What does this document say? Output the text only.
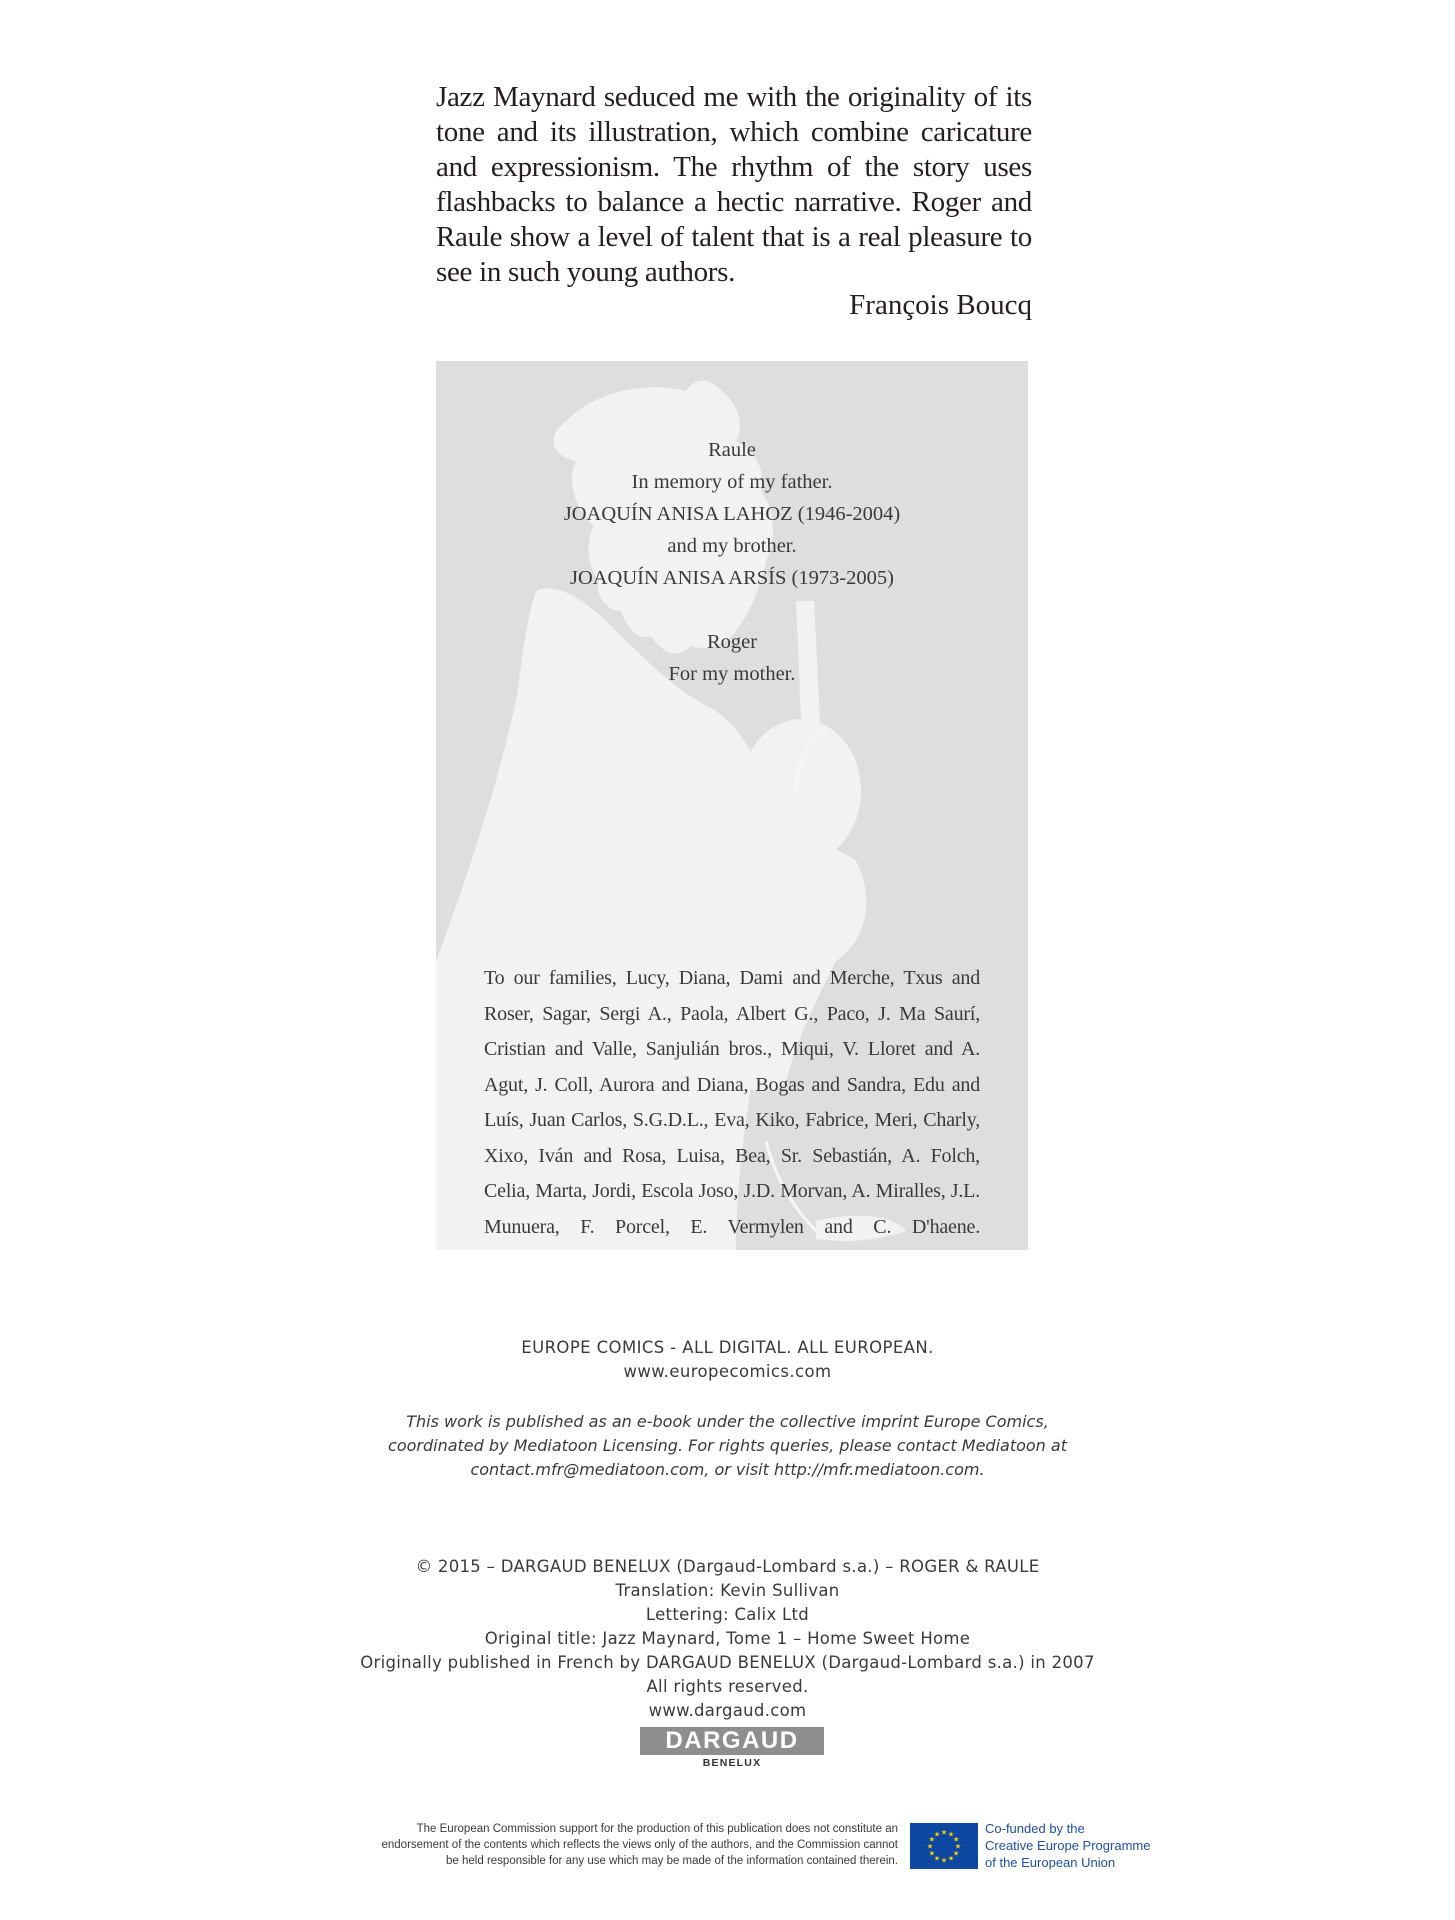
Jazz Maynard seduced me with the originality of its tone and its illustration, which combine caricature and expressionism. The rhythm of the story uses flashbacks to balance a hectic narrative. Roger and Raule show a level of talent that is a real pleasure to see in such young authors.
François Boucq
Raule
In memory of my father.
JOAQUÍN ANISA LAHOZ (1946-2004)
and my brother.
JOAQUÍN ANISA ARSÍS (1973-2005)
Roger
For my mother.
To our families, Lucy, Diana, Dami and Merche, Txus and Roser, Sagar, Sergi A., Paola, Albert G., Paco, J. Ma Saurí, Cristian and Valle, Sanjulián bros., Miqui, V. Lloret and A. Agut, J. Coll, Aurora and Diana, Bogas and Sandra, Edu and Luís, Juan Carlos, S.G.D.L., Eva, Kiko, Fabrice, Meri, Charly, Xixo, Iván and Rosa, Luisa, Bea, Sr. Sebastián, A. Folch, Celia, Marta, Jordi, Escola Joso, J.D. Morvan, A. Miralles, J.L. Munuera, F. Porcel, E. Vermylen and C. D'haene.
EUROPE COMICS - ALL DIGITAL. ALL EUROPEAN.
www.europecomics.com
This work is published as an e-book under the collective imprint Europe Comics,
coordinated by Mediatoon Licensing. For rights queries, please contact Mediatoon at
contact.mfr@mediatoon.com, or visit http://mfr.mediatoon.com.
© 2015 – DARGAUD BENELUX (Dargaud-Lombard s.a.) – ROGER & RAULE
Translation: Kevin Sullivan
Lettering: Calix Ltd
Original title: Jazz Maynard, Tome 1 – Home Sweet Home
Originally published in French by DARGAUD BENELUX (Dargaud-Lombard s.a.) in 2007
All rights reserved.
www.dargaud.com
DARGAUD
BENELUX
The European Commission support for the production of this publication does not constitute an
endorsement of the contents which reflects the views only of the authors, and the Commission cannot
be held responsible for any use which may be made of the information contained therein.
★ ★
★
★
★
★
★
★
★
★
★
★	Co-funded by the
Creative Europe Programme
of the European Union
